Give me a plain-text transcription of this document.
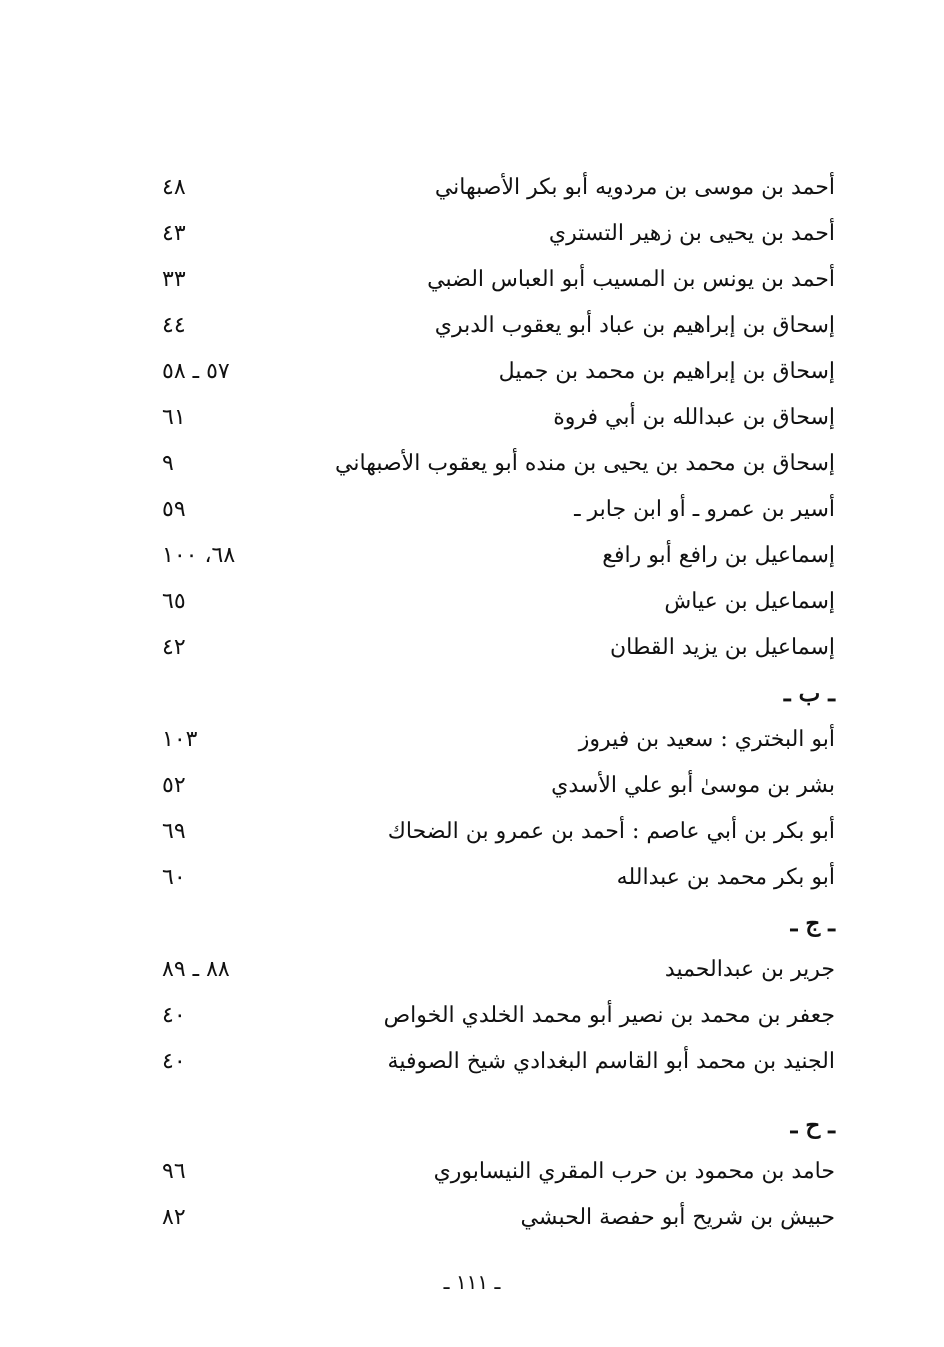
أحمد بن موسى بن مردويه أبو بكر الأصبهاني
٤٨
أحمد بن يحيى بن زهير التستري
٤٣
أحمد بن يونس بن المسيب أبو العباس الضبي
٣٣
إسحاق بن إبراهيم بن عباد أبو يعقوب الدبري
٤٤
إسحاق بن إبراهيم بن محمد بن جميل
٥٧ ـ ٥٨
إسحاق بن عبدالله بن أبي فروة
٦١
إسحاق بن محمد بن يحيى بن منده أبو يعقوب الأصبهاني
٩
أسير بن عمرو ـ أو ابن جابر ـ
٥٩
إسماعيل بن رافع أبو رافع
٦٨، ١٠٠
إسماعيل بن عياش
٦٥
إسماعيل بن يزيد القطان
٤٢
ـ ب ـ
أبو البختري : سعيد بن فيروز
١٠٣
بشر بن موسىٰ أبو علي الأسدي
٥٢
أبو بكر بن أبي عاصم : أحمد بن عمرو بن الضحاك
٦٩
أبو بكر محمد بن عبدالله
٦٠
ـ ج ـ
جرير بن عبدالحميد
٨٨ ـ ٨٩
جعفر بن محمد بن نصير أبو محمد الخلدي الخواص
٤٠
الجنيد بن محمد أبو القاسم البغدادي شيخ الصوفية
٤٠
ـ ح ـ
حامد بن محمود بن حرب المقري النيسابوري
٩٦
حبيش بن شريح أبو حفصة الحبشي
٨٢
ـ ١١١ ـ
